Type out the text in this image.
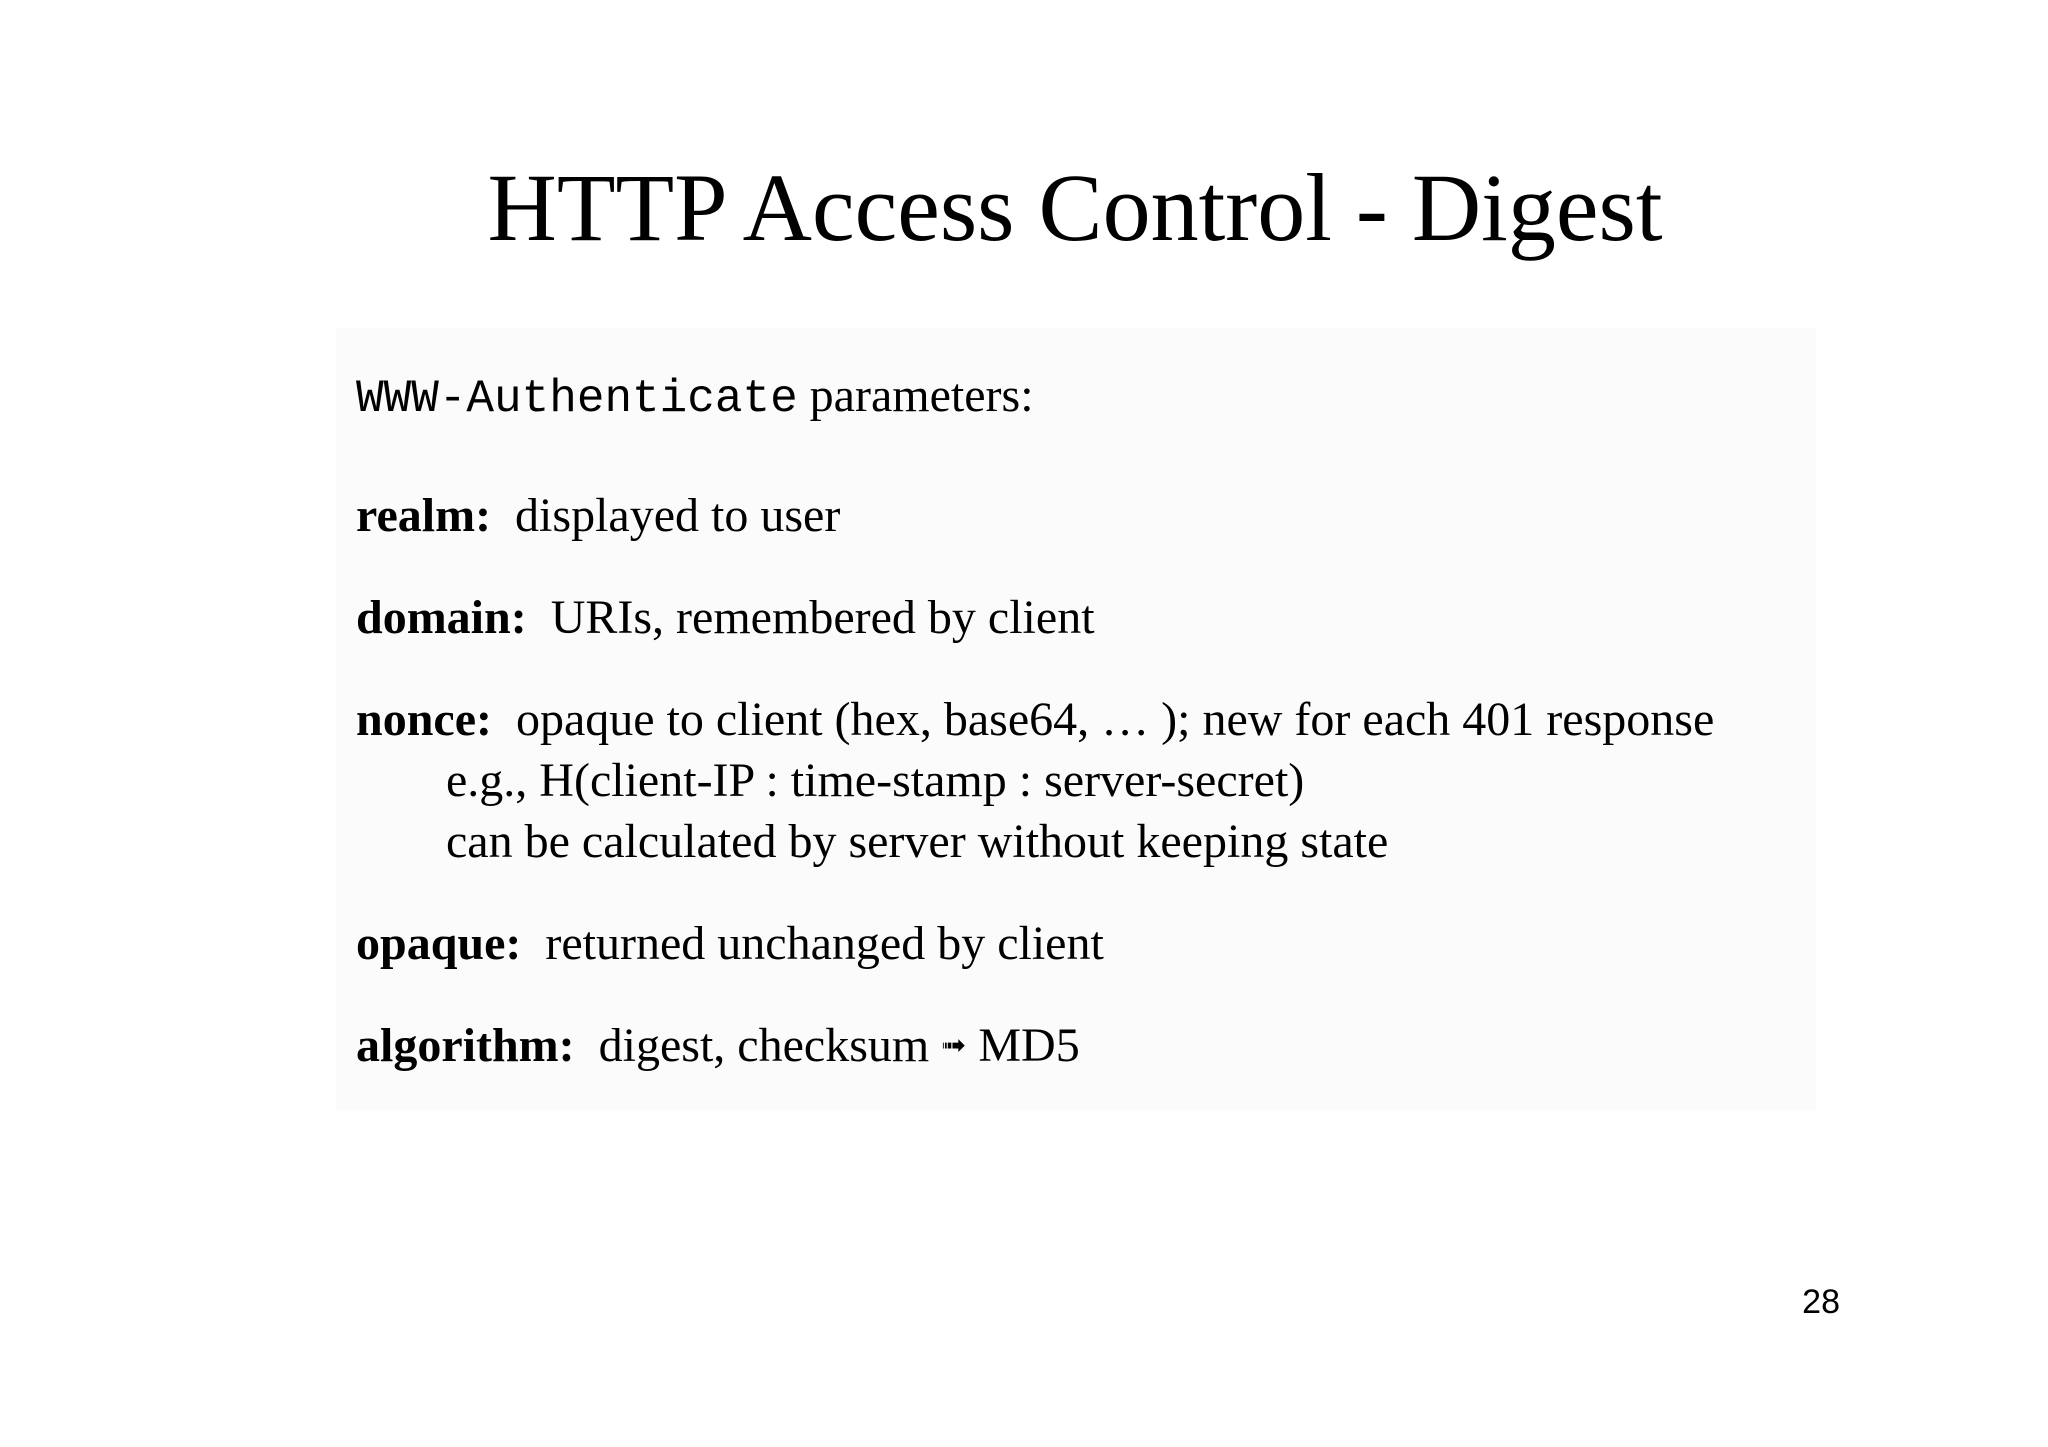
HTTP Access Control - Digest
WWW-Authenticate parameters:
realm: displayed to user
domain: URIs, remembered by client
nonce: opaque to client (hex, base64, … ); new for each 401 response
e.g., H(client-IP : time-stamp : server-secret)
can be calculated by server without keeping state
opaque: returned unchanged by client
algorithm: digest, checksum ➟ MD5
28
